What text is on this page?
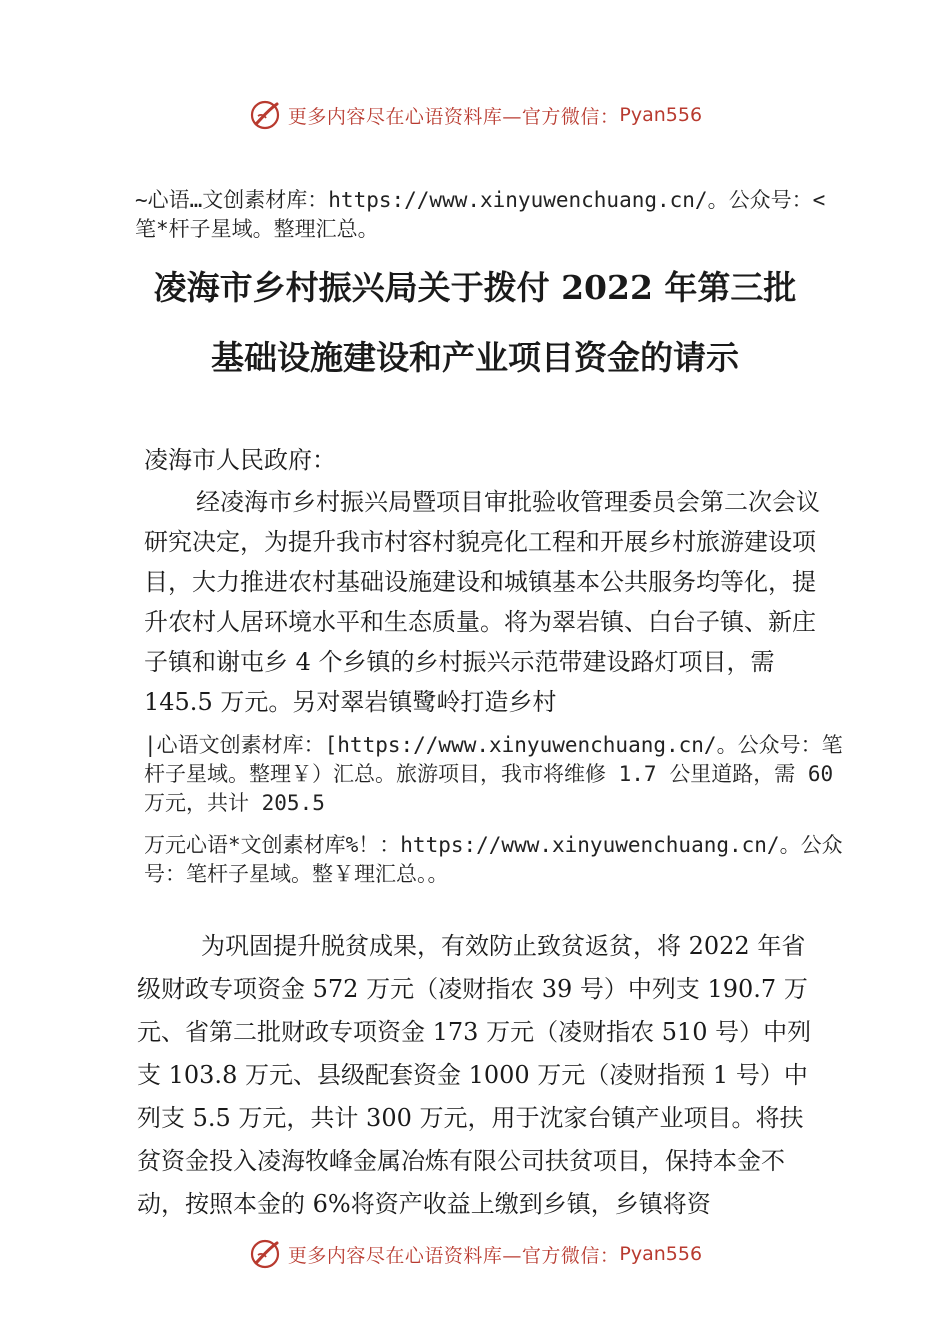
更多内容尽在心语资料库—官方微信： Pyan556
~心语…文创素材库：https://www.xinyuwenchuang.cn/。公众号：<笔*杆子星域。整理汇总。
凌海市乡村振兴局关于拨付 2022 年第三批
基础设施建设和产业项目资金的请示
凌海市人民政府：
经凌海市乡村振兴局暨项目审批验收管理委员会第二次会议研究决定，为提升我市村容村貌亮化工程和开展乡村旅游建设项目，大力推进农村基础设施建设和城镇基本公共服务均等化，提升农村人居环境水平和生态质量。将为翠岩镇、白台子镇、新庄子镇和谢屯乡 4 个乡镇的乡村振兴示范带建设路灯项目，需 145.5 万元。另对翠岩镇鹭岭打造乡村
|心语文创素材库：[https://www.xinyuwenchuang.cn/。公众号：笔杆子星域。整理￥）汇总。旅游项目，我市将维修 1.7 公里道路，需 60 万元，共计 205.5
万元心语*文创素材库%！：https://www.xinyuwenchuang.cn/。公众号：笔杆子星域。整￥理汇总。。
为巩固提升脱贫成果，有效防止致贫返贫，将 2022 年省级财政专项资金 572 万元（凌财指农 39 号）中列支 190.7 万元、省第二批财政专项资金 173 万元（凌财指农 510 号）中列支 103.8 万元、县级配套资金 1000 万元（凌财指预 1 号）中列支 5.5 万元，共计 300 万元，用于沈家台镇产业项目。将扶贫资金投入凌海牧峰金属冶炼有限公司扶贫项目，保持本金不动，按照本金的 6%将资产收益上缴到乡镇，乡镇将资
更多内容尽在心语资料库—官方微信： Pyan556
